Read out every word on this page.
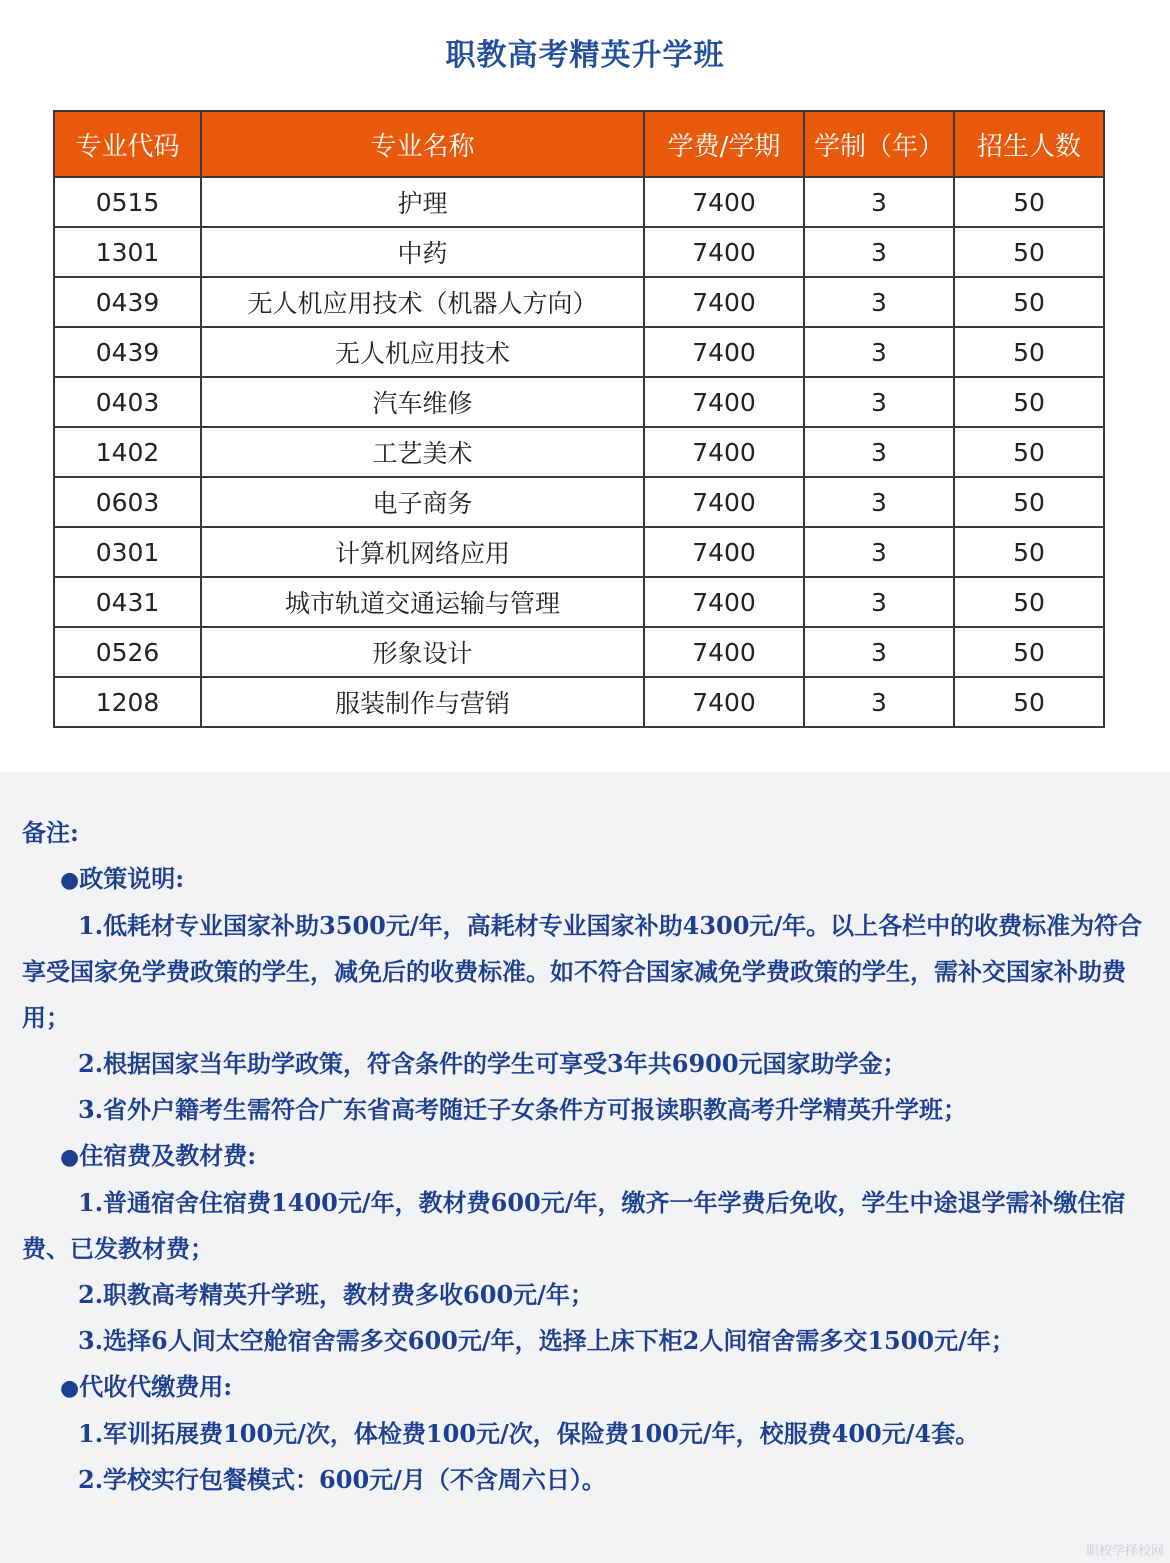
职教高考精英升学班
专业代码	专业名称	学费/学期	学制（年）	招生人数
0515	护理	7400	3	50
1301	中药	7400	3	50
0439	无人机应用技术（机器人方向）	7400	3	50
0439	无人机应用技术	7400	3	50
0403	汽车维修	7400	3	50
1402	工艺美术	7400	3	50
0603	电子商务	7400	3	50
0301	计算机网络应用	7400	3	50
0431	城市轨道交通运输与管理	7400	3	50
0526	形象设计	7400	3	50
1208	服装制作与营销	7400	3	50

备注:

●政策说明:

1.低耗材专业国家补助3500元/年，高耗材专业国家补助4300元/年。以上各栏中的收费标准为符合享受国家免学费政策的学生，减免后的收费标准。如不符合国家减免学费政策的学生，需补交国家补助费用；

2.根据国家当年助学政策，符含条件的学生可享受3年共6900元国家助学金；

3.省外户籍考生需符合广东省高考随迁子女条件方可报读职教高考升学精英升学班；

●住宿费及教材费:

1.普通宿舍住宿费1400元/年，教材费600元/年，缴齐一年学费后免收，学生中途退学需补缴住宿费、已发教材费；

2.职教高考精英升学班，教材费多收600元/年；

3.选择6人间太空舱宿舍需多交600元/年，选择上床下柜2人间宿舍需多交1500元/年；

●代收代缴费用:

1.军训拓展费100元/次，体检费100元/次，保险费100元/年，校服费400元/4套。

2.学校实行包餐模式：600元/月（不含周六日）。

职校学择校网
